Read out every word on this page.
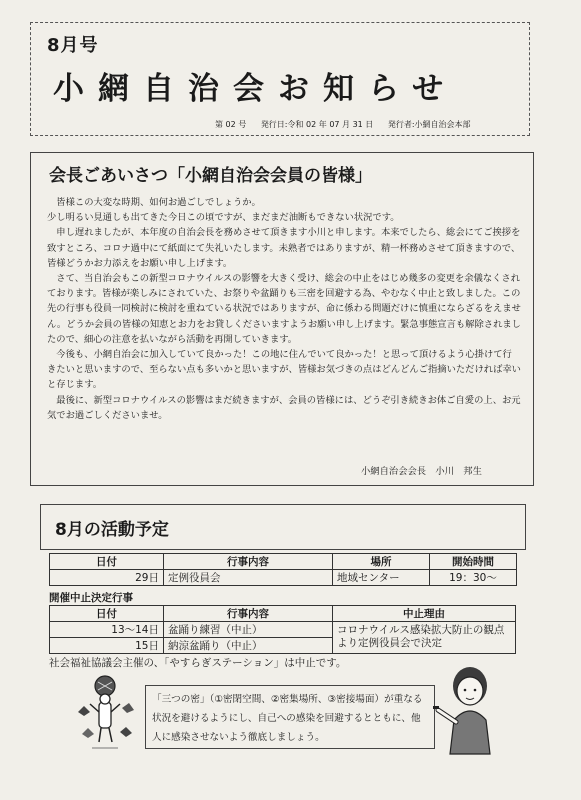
8月号
小網自治会お知らせ
第 02 号 発行日:令和 02 年 07 月 31 日 発行者:小網自治会本部
会長ごあいさつ「小網自治会会員の皆様」

皆様この大変な時期、如何お過ごしでしょうか。

少し明るい見通しも出てきた今日この頃ですが、まだまだ油断もできない状況です。

申し遅れましたが、本年度の自治会長を務めさせて頂きます小川と申します。本来でしたら、総会にてご挨拶を致すところ、コロナ過中にて紙面にて失礼いたします。未熟者ではありますが、精一杯務めさせて頂きますので、皆様どうかお力添えをお願い申し上げます。

さて、当自治会もこの新型コロナウイルスの影響を大きく受け、総会の中止をはじめ幾多の変更を余儀なくされております。皆様が楽しみにされていた、お祭りや盆踊りも三密を回避する為、やむなく中止と致しました。この先の行事も役員一同検討に検討を重ねている状況ではありますが、命に係わる問題だけに慎重にならざるをえません。どうか会員の皆様の知恵とお力をお貸しくださいますようお願い申し上げます。緊急事態宣言も解除されましたので、細心の注意を払いながら活動を再開していきます。

今後も、小網自治会に加入していて良かった！この地に住んでいて良かった！と思って頂けるよう心掛けて行きたいと思いますので、至らない点も多いかと思いますが、皆様お気づきの点はどんどんご指摘いただければ幸いと存じます。

最後に、新型コロナウイルスの影響はまだ続きますが、会員の皆様には、どうぞ引き続きお体ご自愛の上、お元気でお過ごしくださいませ。

小網自治会会長　小川　邦生
8月の活動予定
日付	行事内容	場所	開始時間
29日	定例役員会	地域センター	19：30～
開催中止決定行事
日付	行事内容	中止理由
13～14日	盆踊り練習（中止）	コロナウイルス感染拡大防止の観点より定例役員会で決定
15日	納涼盆踊り（中止）	
社会福祉協議会主催の、「やすらぎステーション」は中止です。
「三つの密」（①密閉空間、②密集場所、③密接場面）が重なる状況を避けるようにし、自己への感染を回避するとともに、他人に感染させないよう徹底しましょう。
